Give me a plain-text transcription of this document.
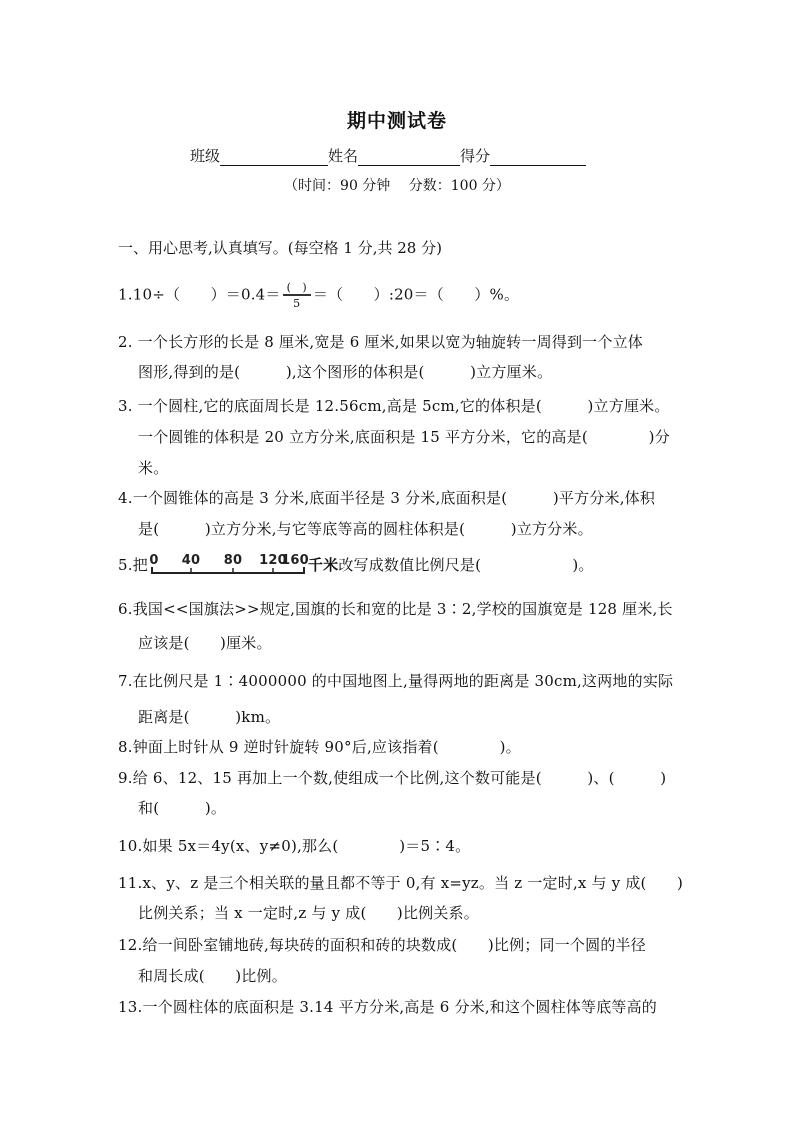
期中测试卷
班级	姓名	得分
（时间：90 分钟　 分数：100 分）
一、用心思考,认真填写。(每空格 1 分,共 28 分)
1.10÷（　　）$=0.4= \frac{( )}{5}$ ＝（　　）:20＝（　　）%。
2. 一个长方形的长是 8 厘米,宽是 6 厘米,如果以宽为轴旋转一周得到一个立体
图形,得到的是(　　　),这个图形的体积是(　　　)立方厘米。
3. 一个圆柱,它的底面周长是 12.56cm,高是 5cm,它的体积是(　　　)立方厘米。
一个圆锥的体积是 20 立方分米,底面积是 15 平方分米，它的高是(　　　　)分
米。
4.一个圆锥体的高是 3 分米,底面半径是 3 分米,底面积是(　　　)平方分米,体积
是(　　　)立方分米,与它等底等高的圆柱体积是(　　　)立方分米。
5.把 0 40 80 120
160 千米改写成数值比例尺是(　　　　　　)。
6.我国<<国旗法>>规定,国旗的长和宽的比是 3∶2,学校的国旗宽是 128 厘米,长
应该是(　　)厘米。
7.在比例尺是 1∶4000000 的中国地图上,量得两地的距离是 30cm,这两地的实际
距离是(　　　)km。
8.钟面上时针从 9 逆时针旋转 90°后,应该指着(　　　　)。
9.给 6、12、15 再加上一个数,使组成一个比例,这个数可能是(　　　)、(　　　)
和(　　　)。
10.如果 5x＝4y(x、y≠0),那么(　　　　)＝5∶4。
11.x、y、z 是三个相关联的量且都不等于 0,有 x=yz。当 z 一定时,x 与 y 成(　　)
比例关系；当 x 一定时,z 与 y 成(　　)比例关系。
12.给一间卧室铺地砖,每块砖的面积和砖的块数成(　　)比例；同一个圆的半径
和周长成(　　)比例。
13.一个圆柱体的底面积是 3.14 平方分米,高是 6 分米,和这个圆柱体等底等高的
